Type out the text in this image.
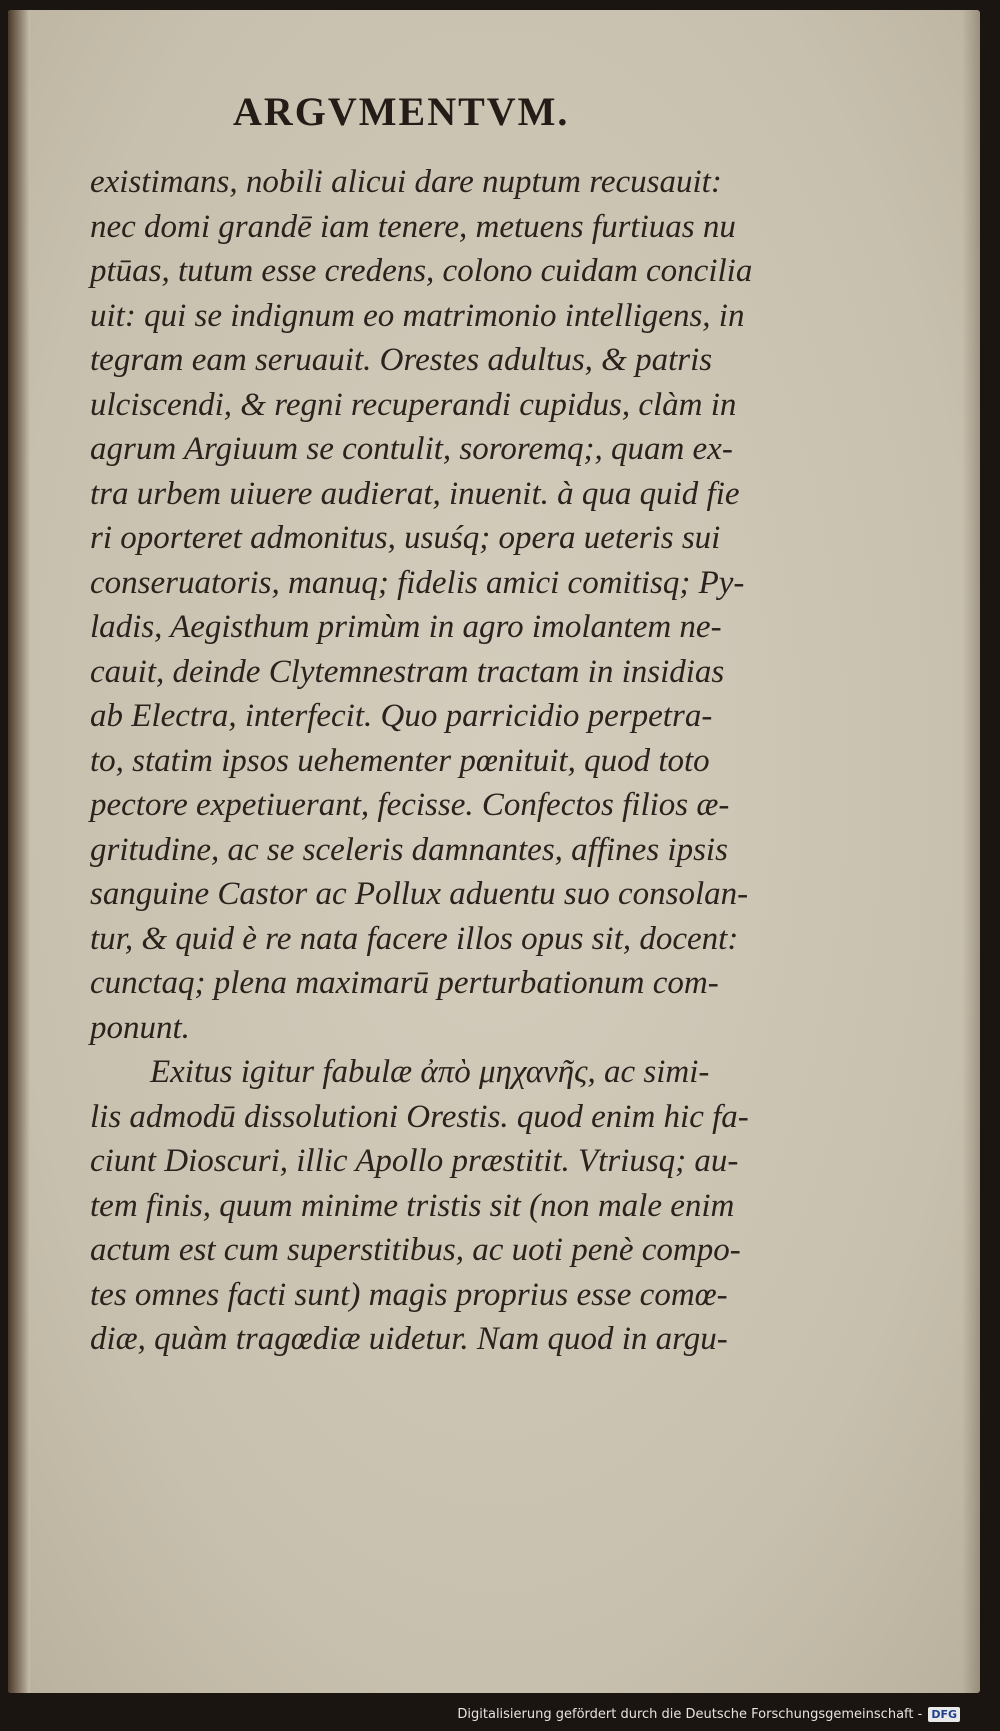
ARGVMENTVM.
existimans, nobili alicui dare nuptum recusauit:
nec domi grandē iam tenere, metuens furtiuas nu
ptūas, tutum esse credens, colono cuidam concilia
uit: qui se indignum eo matrimonio intelligens, in
tegram eam seruauit. Orestes adultus, & patris
ulciscendi, & regni recuperandi cupidus, clàm in
agrum Argiuum se contulit, sororemq;, quam ex-
tra urbem uiuere audierat, inuenit. à qua quid fie
ri oporteret admonitus, usuśq; opera ueteris sui
conseruatoris, manuq; fidelis amici comitisq; Py-
ladis, Aegisthum primùm in agro imolantem ne-
cauit, deinde Clytemnestram tractam in insidias
ab Electra, interfecit. Quo parricidio perpetra-
to, statim ipsos uehementer pœnituit, quod toto
pectore expetiuerant, fecisse. Confectos filios æ-
gritudine, ac se sceleris damnantes, affines ipsis
sanguine Castor ac Pollux aduentu suo consolan-
tur, & quid è re nata facere illos opus sit, docent:
cunctaq; plena maximarū perturbationum com-
ponunt.
Exitus igitur fabulæ ἀπὸ μηχανῆς, ac simi-
lis admodū dissolutioni Orestis. quod enim hic fa-
ciunt Dioscuri, illic Apollo præstitit. Vtriusq; au-
tem finis, quum minime tristis sit (non male enim
actum est cum superstitibus, ac uoti penè compo-
tes omnes facti sunt) magis proprius esse comœ-
diæ, quàm tragœdiæ uidetur. Nam quod in argu-
Digitalisierung gefördert durch die Deutsche Forschungsgemeinschaft - DFG
